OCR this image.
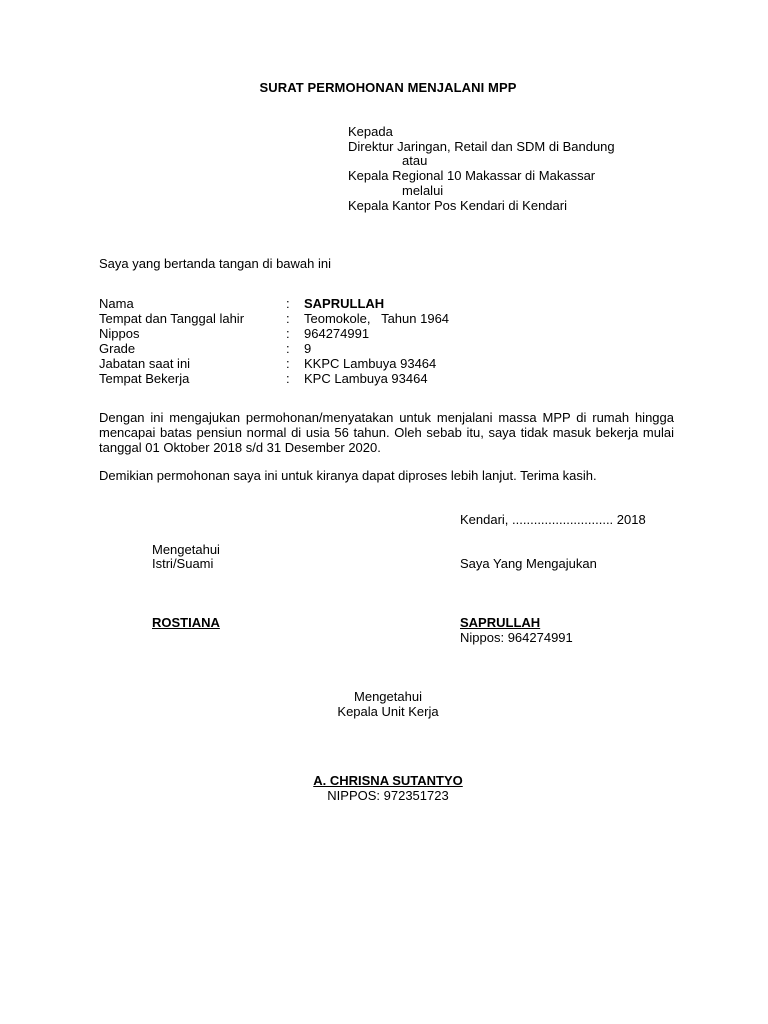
SURAT PERMOHONAN MENJALANI MPP
Kepada
Direktur Jaringan, Retail dan SDM di Bandung
atau
Kepala Regional 10 Makassar di Makassar
melalui
Kepala Kantor Pos Kendari di Kendari
Saya yang bertanda tangan di bawah ini
Nama	: SAPRULLAH
Tempat dan Tanggal lahir	: Teomokole,   Tahun 1964
Nippos	: 964274991
Grade	: 9
Jabatan saat ini	: KKPC Lambuya 93464
Tempat Bekerja	: KPC Lambuya 93464
Dengan ini mengajukan permohonan/menyatakan untuk menjalani massa MPP di rumah hingga mencapai batas pensiun normal di usia 56 tahun. Oleh sebab itu, saya tidak masuk bekerja mulai tanggal 01 Oktober 2018 s/d 31 Desember 2020.
Demikian permohonan saya ini untuk kiranya dapat diproses lebih lanjut. Terima kasih.
Kendari, ............................ 2018
Mengetahui
Istri/Suami
ROSTIANA
Saya Yang Mengajukan
SAPRULLAH
Nippos: 964274991
Mengetahui
Kepala Unit Kerja
A. CHRISNA SUTANTYO
NIPPOS: 972351723
